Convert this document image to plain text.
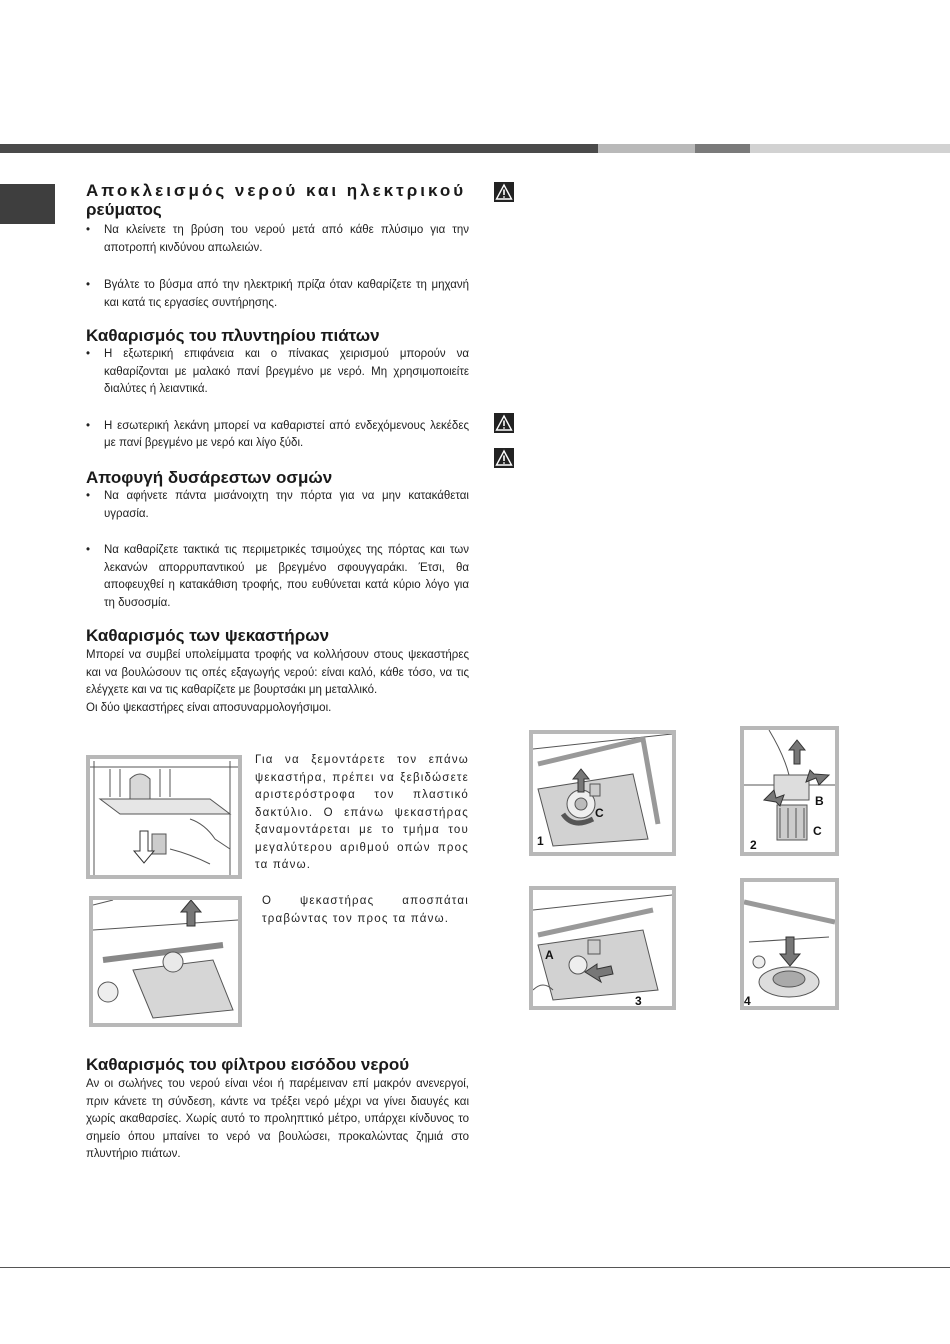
Αποκλεισμός νερού και ηλεκτρικού
ρεύματος
• Να κλείνετε τη βρύση του νερού μετά από κάθε πλύσιμο για την αποτροπή κινδύνου απωλειών.
• Βγάλτε το βύσμα από την ηλεκτρική πρίζα όταν καθαρίζετε τη μηχανή και κατά τις εργασίες συντήρησης.
Καθαρισμός του πλυντηρίου πιάτων
• Η εξωτερική επιφάνεια και ο πίνακας χειρισμού μπορούν να καθαρίζονται με μαλακό πανί βρεγμένο με νερό. Μη χρησιμοποιείτε διαλύτες ή λειαντικά.
• Η εσωτερική λεκάνη μπορεί να καθαριστεί από ενδεχόμενους λεκέδες με πανί βρεγμένο με νερό και λίγο ξύδι.
Αποφυγή δυσάρεστων οσμών
• Να αφήνετε πάντα μισάνοιχτη την πόρτα για να μην κατακάθεται υγρασία.
• Να καθαρίζετε τακτικά τις περιμετρικές τσιμούχες της πόρτας και των λεκανών απορρυπαντικού με βρεγμένο σφουγγαράκι. Έτσι, θα αποφευχθεί η κατακάθιση τροφής, που ευθύνεται κατά κύριο λόγο για τη δυσοσμία.
Καθαρισμός των ψεκαστήρων

Μπορεί να συμβεί υπολείμματα τροφής να κολλήσουν στους ψεκαστήρες και να βουλώσουν τις οπές εξαγωγής νερού: είναι καλό, κάθε τόσο, να τις ελέγχετε και να τις καθαρίζετε με βουρτσάκι μη μεταλλικό.

Οι δύο ψεκαστήρες είναι αποσυναρμολογήσιμοι.

Για να ξεμοντάρετε τον επάνω ψεκαστήρα, πρέπει να ξεβιδώσετε αριστερόστροφα τον πλαστικό δακτύλιο. Ο επάνω ψεκαστήρας ξαναμοντάρεται με το τμήμα του μεγαλύτερου αριθμού οπών προς τα πάνω.

Ο ψεκαστήρας αποσπάται τραβώντας τον προς τα πάνω.

Καθαρισμός του φίλτρου εισόδου νερού

Αν οι σωλήνες του νερού είναι νέοι ή παρέμειναν επί μακρόν ανενεργοί, πριν κάνετε τη σύνδεση, κάντε να τρέξει νερό μέχρι να γίνει διαυγές και χωρίς ακαθαρσίες. Χωρίς αυτό το προληπτικό μέτρο, υπάρχει κίνδυνος το σημείο όπου μπαίνει το νερό να βουλώσει, προκαλώντας ζημιά στο πλυντήριο πιάτων.

C
1
B
C
2
A
3	4
